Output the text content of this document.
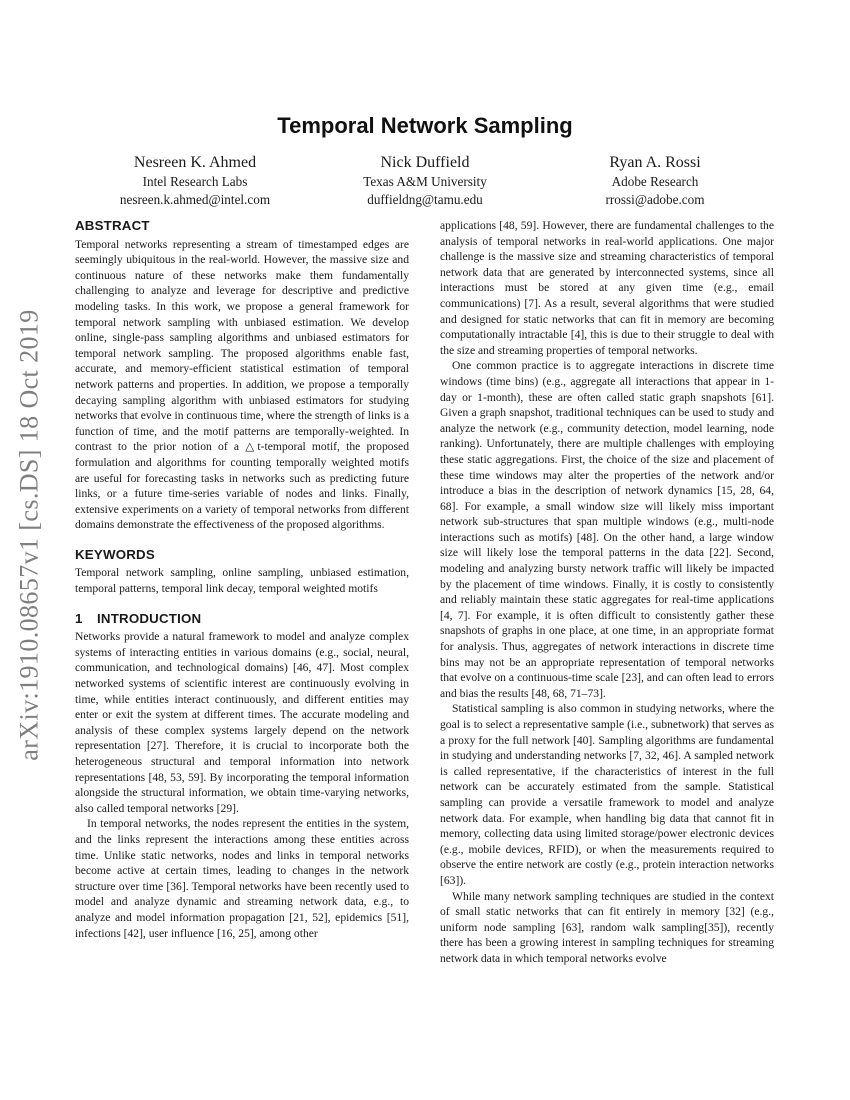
arXiv:1910.08657v1 [cs.DS] 18 Oct 2019
Temporal Network Sampling
Nesreen K. Ahmed
Intel Research Labs
nesreen.k.ahmed@intel.com
Nick Duffield
Texas A&M University
duffieldng@tamu.edu
Ryan A. Rossi
Adobe Research
rrossi@adobe.com
ABSTRACT

Temporal networks representing a stream of timestamped edges are seemingly ubiquitous in the real-world. However, the massive size and continuous nature of these networks make them fundamentally challenging to analyze and leverage for descriptive and predictive modeling tasks. In this work, we propose a general framework for temporal network sampling with unbiased estimation. We develop online, single-pass sampling algorithms and unbiased estimators for temporal network sampling. The proposed algorithms enable fast, accurate, and memory-efficient statistical estimation of temporal network patterns and properties. In addition, we propose a temporally decaying sampling algorithm with unbiased estimators for studying networks that evolve in continuous time, where the strength of links is a function of time, and the motif patterns are temporally-weighted. In contrast to the prior notion of a △t-temporal motif, the proposed formulation and algorithms for counting temporally weighted motifs are useful for forecasting tasks in networks such as predicting future links, or a future time-series variable of nodes and links. Finally, extensive experiments on a variety of temporal networks from different domains demonstrate the effectiveness of the proposed algorithms.

KEYWORDS

Temporal network sampling, online sampling, unbiased estimation, temporal patterns, temporal link decay, temporal weighted motifs

1 INTRODUCTION

Networks provide a natural framework to model and analyze complex systems of interacting entities in various domains (e.g., social, neural, communication, and technological domains) [46, 47]. Most complex networked systems of scientific interest are continuously evolving in time, while entities interact continuously, and different entities may enter or exit the system at different times. The accurate modeling and analysis of these complex systems largely depend on the network representation [27]. Therefore, it is crucial to incorporate both the heterogeneous structural and temporal information into network representations [48, 53, 59]. By incorporating the temporal information alongside the structural information, we obtain time-varying networks, also called temporal networks [29].

In temporal networks, the nodes represent the entities in the system, and the links represent the interactions among these entities across time. Unlike static networks, nodes and links in temporal networks become active at certain times, leading to changes in the network structure over time [36]. Temporal networks have been recently used to model and analyze dynamic and streaming network data, e.g., to analyze and model information propagation [21, 52], epidemics [51], infections [42], user influence [16, 25], among other

applications [48, 59]. However, there are fundamental challenges to the analysis of temporal networks in real-world applications. One major challenge is the massive size and streaming characteristics of temporal network data that are generated by interconnected systems, since all interactions must be stored at any given time (e.g., email communications) [7]. As a result, several algorithms that were studied and designed for static networks that can fit in memory are becoming computationally intractable [4], this is due to their struggle to deal with the size and streaming properties of temporal networks.

One common practice is to aggregate interactions in discrete time windows (time bins) (e.g., aggregate all interactions that appear in 1-day or 1-month), these are often called static graph snapshots [61]. Given a graph snapshot, traditional techniques can be used to study and analyze the network (e.g., community detection, model learning, node ranking). Unfortunately, there are multiple challenges with employing these static aggregations. First, the choice of the size and placement of these time windows may alter the properties of the network and/or introduce a bias in the description of network dynamics [15, 28, 64, 68]. For example, a small window size will likely miss important network sub-structures that span multiple windows (e.g., multi-node interactions such as motifs) [48]. On the other hand, a large window size will likely lose the temporal patterns in the data [22]. Second, modeling and analyzing bursty network traffic will likely be impacted by the placement of time windows. Finally, it is costly to consistently and reliably maintain these static aggregates for real-time applications [4, 7]. For example, it is often difficult to consistently gather these snapshots of graphs in one place, at one time, in an appropriate format for analysis. Thus, aggregates of network interactions in discrete time bins may not be an appropriate representation of temporal networks that evolve on a continuous-time scale [23], and can often lead to errors and bias the results [48, 68, 71–73].

Statistical sampling is also common in studying networks, where the goal is to select a representative sample (i.e., subnetwork) that serves as a proxy for the full network [40]. Sampling algorithms are fundamental in studying and understanding networks [7, 32, 46]. A sampled network is called representative, if the characteristics of interest in the full network can be accurately estimated from the sample. Statistical sampling can provide a versatile framework to model and analyze network data. For example, when handling big data that cannot fit in memory, collecting data using limited storage/power electronic devices (e.g., mobile devices, RFID), or when the measurements required to observe the entire network are costly (e.g., protein interaction networks [63]).

While many network sampling techniques are studied in the context of small static networks that can fit entirely in memory [32] (e.g., uniform node sampling [63], random walk sampling[35]), recently there has been a growing interest in sampling techniques for streaming network data in which temporal networks evolve
